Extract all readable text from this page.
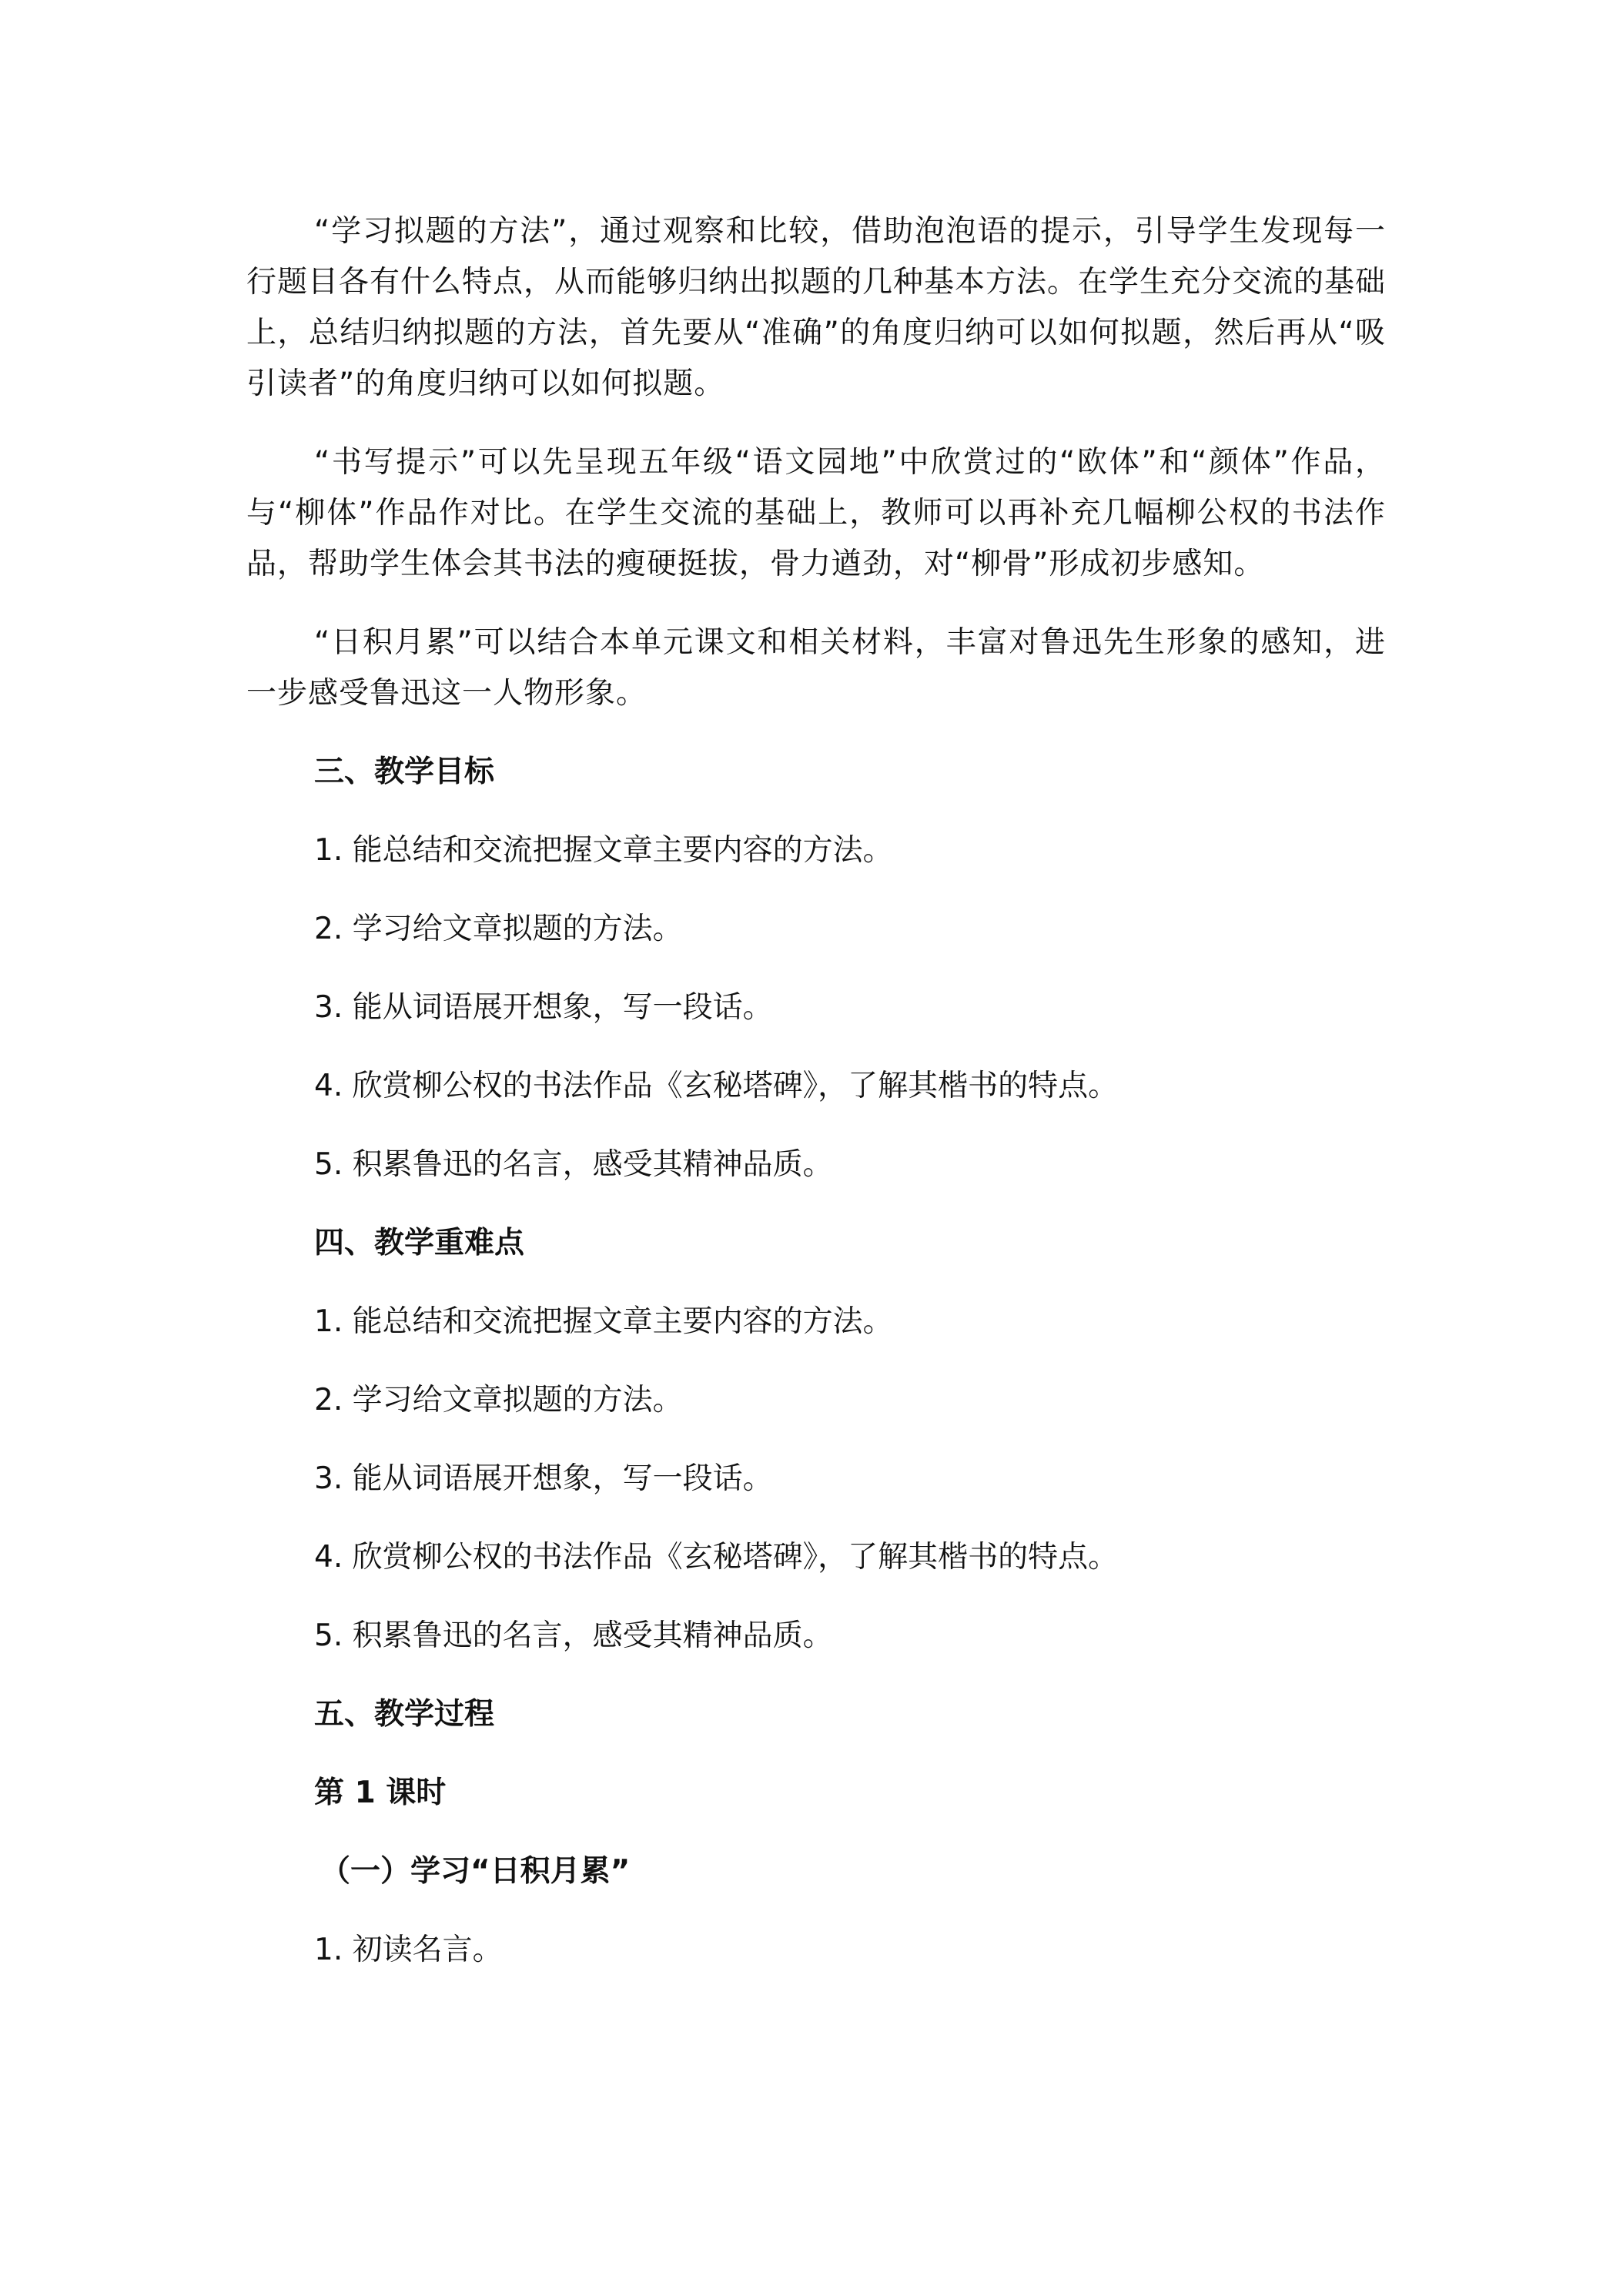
“学习拟题的方法”，通过观察和比较，借助泡泡语的提示，引导学生发现每一行题目各有什么特点，从而能够归纳出拟题的几种基本方法。在学生充分交流的基础上，总结归纳拟题的方法，首先要从“准确”的角度归纳可以如何拟题，然后再从“吸引读者”的角度归纳可以如何拟题。

“书写提示”可以先呈现五年级“语文园地”中欣赏过的“欧体”和“颜体”作品，与“柳体”作品作对比。在学生交流的基础上，教师可以再补充几幅柳公权的书法作品，帮助学生体会其书法的瘦硬挺拔，骨力遒劲，对“柳骨”形成初步感知。

“日积月累”可以结合本单元课文和相关材料，丰富对鲁迅先生形象的感知，进一步感受鲁迅这一人物形象。

三、教学目标
1. 能总结和交流把握文章主要内容的方法。
2. 学习给文章拟题的方法。
3. 能从词语展开想象，写一段话。
4. 欣赏柳公权的书法作品《玄秘塔碑》，了解其楷书的特点。
5. 积累鲁迅的名言，感受其精神品质。
四、教学重难点
1. 能总结和交流把握文章主要内容的方法。
2. 学习给文章拟题的方法。
3. 能从词语展开想象，写一段话。
4. 欣赏柳公权的书法作品《玄秘塔碑》，了解其楷书的特点。
5. 积累鲁迅的名言，感受其精神品质。
五、教学过程
第 1 课时
（一）学习“日积月累”
1. 初读名言。
